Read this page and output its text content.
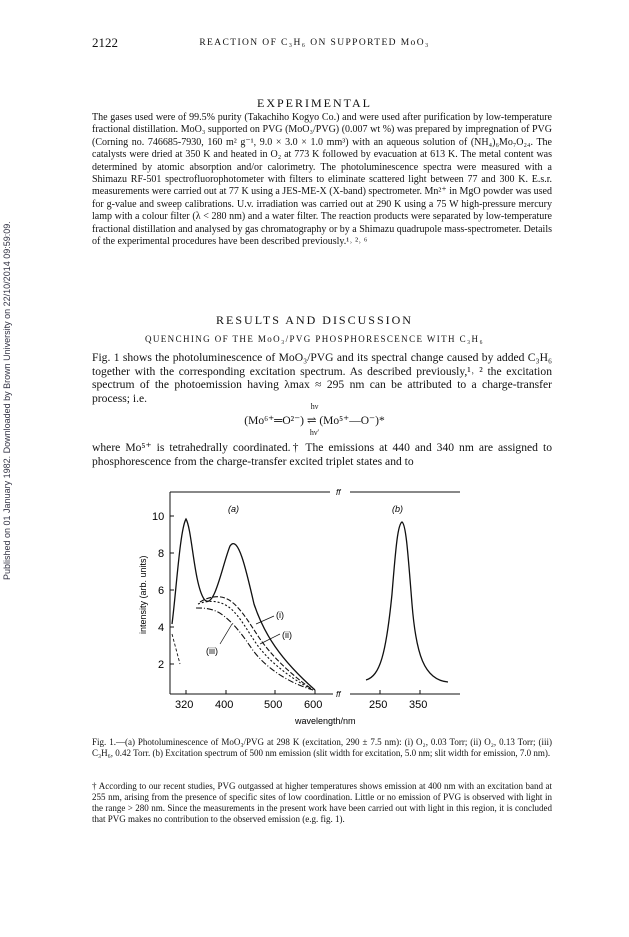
Published on 01 January 1982. Downloaded by Brown University on 22/10/2014 09:59:09.
2122	REACTION OF C₃H₆ ON SUPPORTED MoO₃
EXPERIMENTAL
The gases used were of 99.5% purity (Takachiho Kogyo Co.) and were used after purification by low-temperature fractional distillation. MoO₃ supported on PVG (MoO₃/PVG) (0.007 wt %) was prepared by impregnation of PVG (Corning no. 746685-7930, 160 m² g⁻¹, 9.0 × 3.0 × 1.0 mm³) with an aqueous solution of (NH₄)₆Mo₇O₂₄. The catalysts were dried at 350 K and heated in O₂ at 773 K followed by evacuation at 613 K. The metal content was determined by atomic absorption and/or calorimetry. The photoluminescence spectra were measured with a Shimazu RF-501 spectrofluorophotometer with filters to eliminate scattered light between 77 and 300 K. E.s.r. measurements were carried out at 77 K using a JES-ME-X (X-band) spectrometer. Mn²⁺ in MgO powder was used for g-value and sweep calibrations. U.v. irradiation was carried out at 290 K using a 75 W high-pressure mercury lamp with a colour filter (λ < 280 nm) and a water filter. The reaction products were separated by low-temperature fractional distillation and analysed by gas chromatography or by a Shimazu quadrupole mass-spectrometer. Details of the experimental procedures have been described previously.¹˒ ²˒ ⁶
RESULTS AND DISCUSSION
QUENCHING OF THE MoO₃/PVG PHOSPHORESCENCE WITH C₃H₆
Fig. 1 shows the photoluminescence of MoO₃/PVG and its spectral change caused by added C₃H₆ together with the corresponding excitation spectrum. As described previously,¹˒ ² the excitation spectrum of the photoemission having λmax ≈ 295 nm can be attributed to a charge-transfer process; i.e.
hν
(Mo⁶⁺═O²⁻) ⇌ (Mo⁵⁺—O⁻)*
hν′
where Mo⁵⁺ is tetrahedrally coordinated.† The emissions at 440 and 340 nm are assigned to phosphorescence from the charge-transfer excited triplet states and to
ff
ff
10
8
6
4
2
intensity (arb. units)
320 400	500 600	250 350
wavelength/nm
(a)	(b)
(i)
(ii)
(iii)
Fig. 1.—(a) Photoluminescence of MoO₃/PVG at 298 K (excitation, 290 ± 7.5 nm): (i) O₂, 0.03 Torr; (ii) O₂, 0.13 Torr; (iii) C₃H₆, 0.42 Torr. (b) Excitation spectrum of 500 nm emission (slit width for excitation, 5.0 nm; slit width for emission, 7.0 nm).
† According to our recent studies, PVG outgassed at higher temperatures shows emission at 400 nm with an excitation band at 255 nm, arising from the presence of specific sites of low coordination. Little or no emission of PVG is observed with light in the range > 280 nm. Since the measurements in the present work have been carried out with light in this region, it is concluded that PVG makes no contribution to the observed emission (e.g. fig. 1).
